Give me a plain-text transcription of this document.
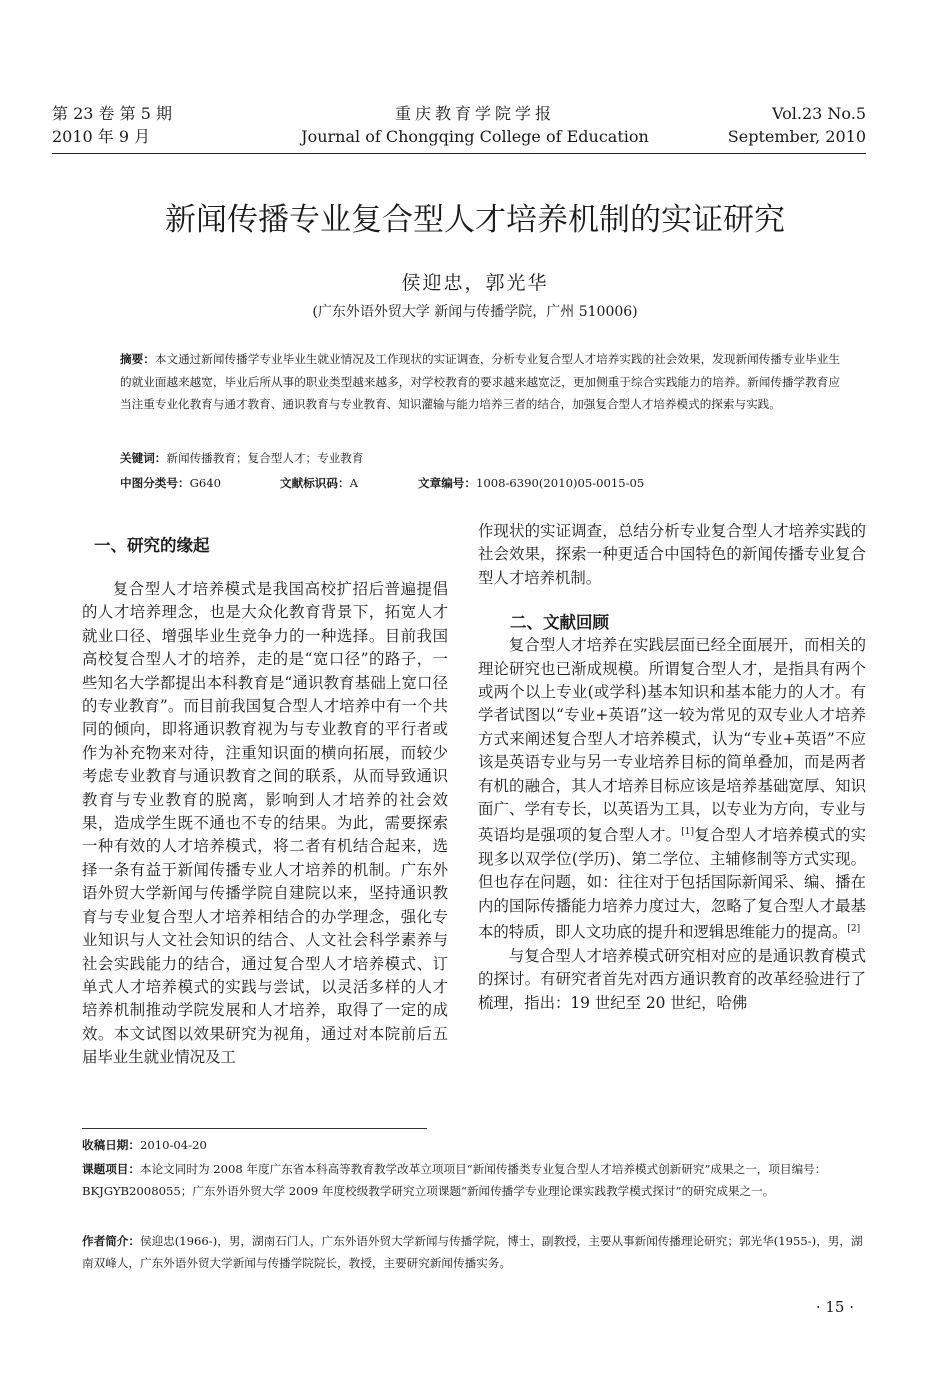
第 23 卷 第 5 期
2010 年 9 月
重庆教育学院学报
Journal of Chongqing College of Education
Vol.23 No.5
September, 2010
新闻传播专业复合型人才培养机制的实证研究
侯迎忠，郭光华
(广东外语外贸大学 新闻与传播学院，广州 510006)
摘要：本文通过新闻传播学专业毕业生就业情况及工作现状的实证调查，分析专业复合型人才培养实践的社会效果，发现新闻传播专业毕业生的就业面越来越宽，毕业后所从事的职业类型越来越多，对学校教育的要求越来越宽泛，更加侧重于综合实践能力的培养。新闻传播学教育应当注重专业化教育与通才教育、通识教育与专业教育、知识灌输与能力培养三者的结合，加强复合型人才培养模式的探索与实践。
关键词：新闻传播教育；复合型人才；专业教育
中图分类号：G640	文献标识码：A	文章编号：1008-6390(2010)05-0015-05
一、研究的缘起

复合型人才培养模式是我国高校扩招后普遍提倡的人才培养理念，也是大众化教育背景下，拓宽人才就业口径、增强毕业生竞争力的一种选择。目前我国高校复合型人才的培养，走的是“宽口径”的路子，一些知名大学都提出本科教育是“通识教育基础上宽口径的专业教育”。而目前我国复合型人才培养中有一个共同的倾向，即将通识教育视为与专业教育的平行者或作为补充物来对待，注重知识面的横向拓展，而较少考虑专业教育与通识教育之间的联系，从而导致通识教育与专业教育的脱离，影响到人才培养的社会效果，造成学生既不通也不专的结果。为此，需要探索一种有效的人才培养模式，将二者有机结合起来，选择一条有益于新闻传播专业人才培养的机制。广东外语外贸大学新闻与传播学院自建院以来，坚持通识教育与专业复合型人才培养相结合的办学理念，强化专业知识与人文社会知识的结合、人文社会科学素养与社会实践能力的结合，通过复合型人才培养模式、订单式人才培养模式的实践与尝试，以灵活多样的人才培养机制推动学院发展和人才培养，取得了一定的成效。本文试图以效果研究为视角，通过对本院前后五届毕业生就业情况及工

作现状的实证调查，总结分析专业复合型人才培养实践的社会效果，探索一种更适合中国特色的新闻传播专业复合型人才培养机制。

复合型人才培养在实践层面已经全面展开，而相关的理论研究也已渐成规模。所谓复合型人才，是指具有两个或两个以上专业(或学科)基本知识和基本能力的人才。有学者试图以“专业+英语”这一较为常见的双专业人才培养方式来阐述复合型人才培养模式，认为“专业+英语”不应该是英语专业与另一专业培养目标的简单叠加，而是两者有机的融合，其人才培养目标应该是培养基础宽厚、知识面广、学有专长，以英语为工具，以专业为方向，专业与英语均是强项的复合型人才。[1]复合型人才培养模式的实现多以双学位(学历)、第二学位、主辅修制等方式实现。但也存在问题，如：往往对于包括国际新闻采、编、播在内的国际传播能力培养力度过大，忽略了复合型人才最基本的特质，即人文功底的提升和逻辑思维能力的提高。[2]

与复合型人才培养模式研究相对应的是通识教育模式的探讨。有研究者首先对西方通识教育的改革经验进行了梳理，指出：19 世纪至 20 世纪，哈佛

二、文献回顾
收稿日期：2010-04-20
课题项目：本论文同时为 2008 年度广东省本科高等教育教学改革立项项目“新闻传播类专业复合型人才培养模式创新研究”成果之一，项目编号：BKJGYB2008055；广东外语外贸大学 2009 年度校级教学研究立项课题“新闻传播学专业理论课实践教学模式探讨”的研究成果之一。
作者简介：侯迎忠(1966-)，男，湖南石门人，广东外语外贸大学新闻与传播学院，博士，副教授，主要从事新闻传播理论研究；郭光华(1955-)，男，湖南双峰人，广东外语外贸大学新闻与传播学院院长，教授，主要研究新闻传播实务。
· 15 ·
